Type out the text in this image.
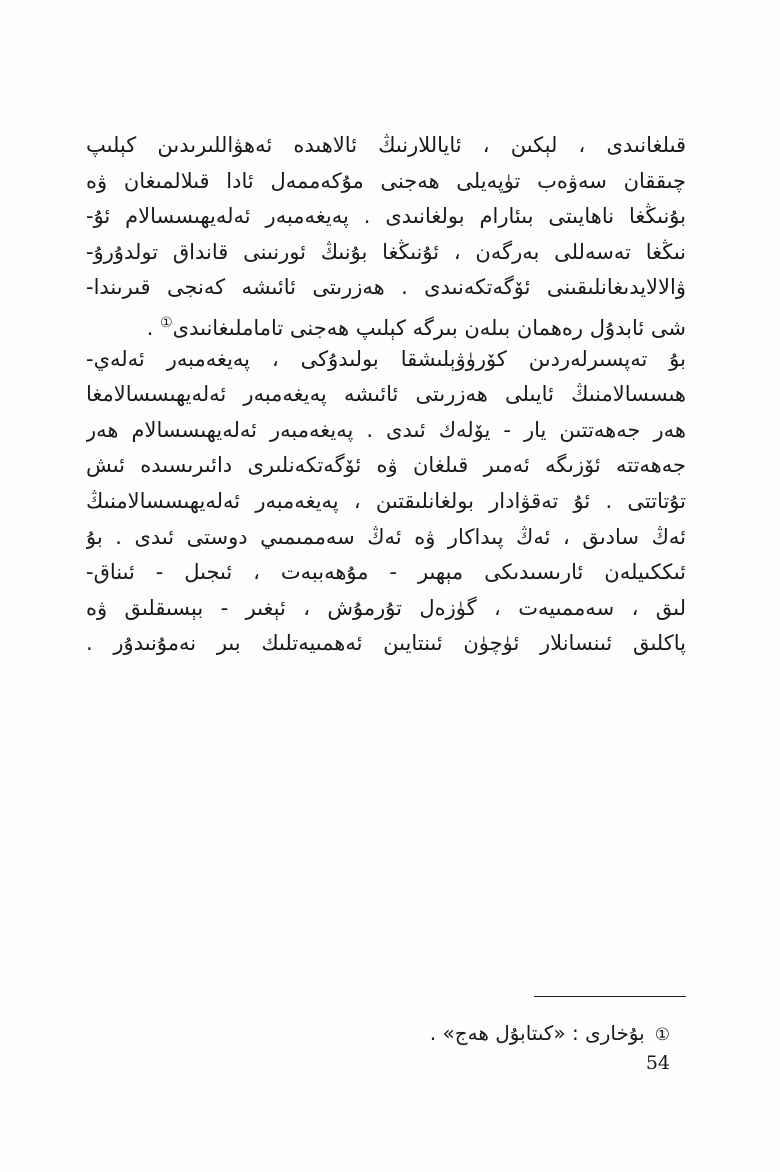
قىلغانىدى ، لېكىن ، ئاياللارنىڭ ئالاھىدە ئەھۋاللىرىدىن كېلىپ
چىققان سەۋەب تۈپەيلى ھەجنى مۇكەممەل ئادا قىلالمىغان ۋە
بۇنىڭغا ناھايىتى بىئارام بولغانىدى . پەيغەمبەر ئەلەيھىسسالام ئۇ-
نىڭغا تەسەللى بەرگەن ، ئۇنىڭغا بۇنىڭ ئورنىنى قانداق تولدۇرۇ-
ۋالالايدىغانلىقىنى ئۆگەتكەنىدى . ھەزرىتى ئائىشە كەنجى قىرىندا-
شى ئابدۇل رەھمان بىلەن بىرگە كېلىپ ھەجنى تاماملىغانىدى① .
بۇ تەپسىرلەردىن كۆرۈۋېلىشقا بولىدۇكى ، پەيغەمبەر ئەلەي-
ھىسسالامنىڭ ئايىلى ھەزرىتى ئائىشە پەيغەمبەر ئەلەيھىسسالامغا
ھەر جەھەتتىن يار - يۆلەك ئىدى . پەيغەمبەر ئەلەيھىسسالام ھەر
جەھەتتە ئۆزىگە ئەمىر قىلغان ۋە ئۆگەتكەنلىرى دائىرىسىدە ئىش
تۇتاتتى . ئۇ تەقۋادار بولغانلىقتىن ، پەيغەمبەر ئەلەيھىسسالامنىڭ
ئەڭ سادىق ، ئەڭ پىداكار ۋە ئەڭ سەممىمىي دوستى ئىدى . بۇ
ئىككىيلەن ئارىسىدىكى مېھىر - مۇھەببەت ، ئىجىل - ئىناق-
لىق ، سەممىيەت ، گۈزەل تۇرمۇش ، ئېغىر - بېسىقلىق ۋە
پاكلىق ئىنسانلار ئۈچۈن ئىنتايىن ئەھمىيەتلىك بىر نەمۇنىدۇر .
①بۇخارى : «كىتابۇل ھەج» .
54
